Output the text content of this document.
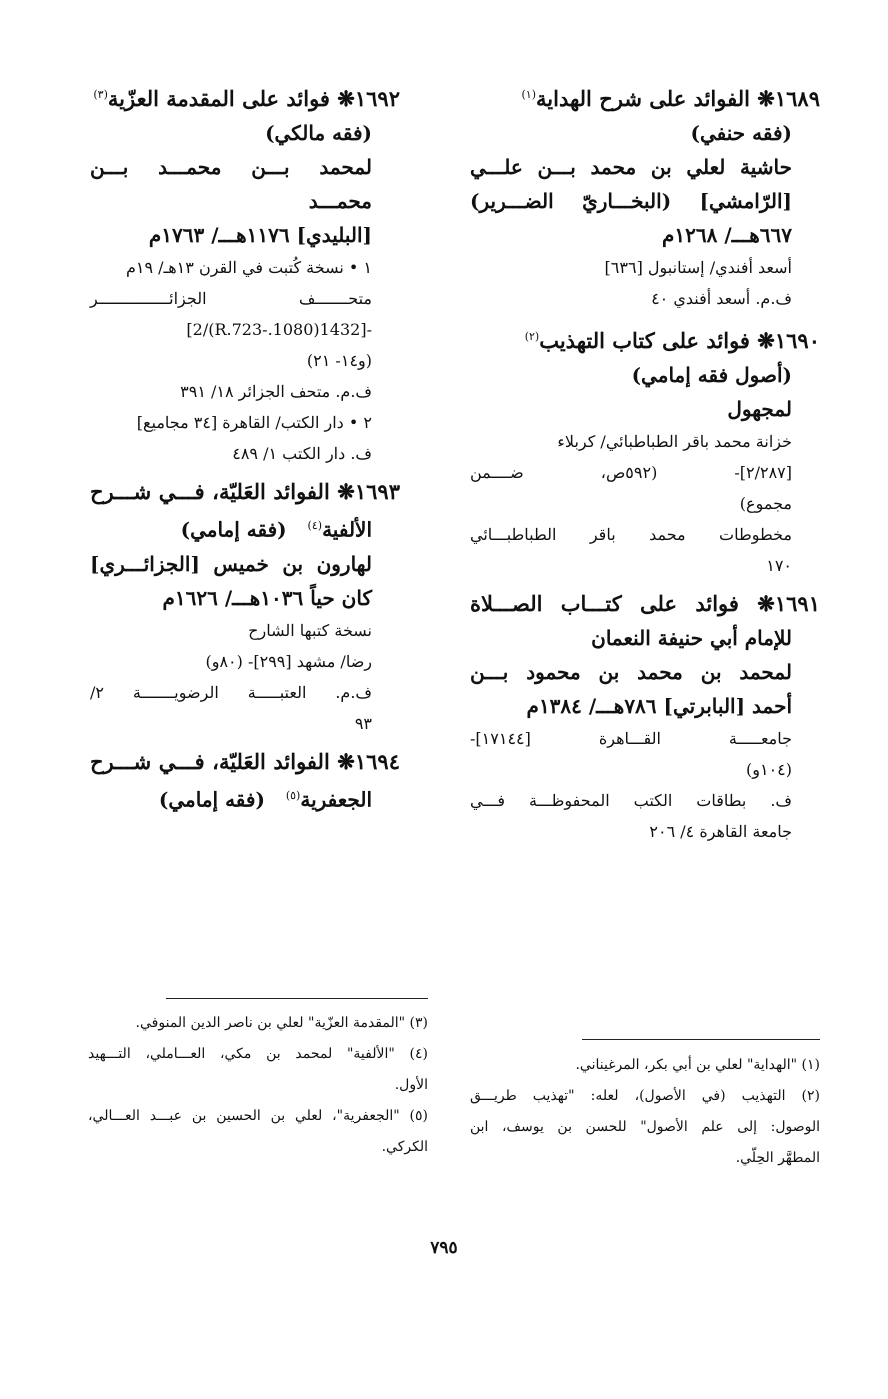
١٦٨٩❋ الفوائد على شرح الهداية$^{(١)}$

(فقه حنفي)

حاشية لعلي بن محمد بـــن علـــي

[الرّامشي] (البخـــاريّ الضـــرير)

٦٦٧هـــ/ ١٢٦٨م

أسعد أفندي/ إستانبول [٦٣٦]

ف.م. أسعد أفندي ٤٠

١٦٩٠❋ فوائد على كتاب التهذيب$^{(٢)}$

(أصول فقه إمامي)

لمجهول

خزانة محمد باقر الطباطبائي/ كربلاء

[٢/٢٨٧]- (٥٩٢ص، ضــــمن

مجموع)

مخطوطات محمد باقر الطباطبـــائي

١٧٠

١٦٩١❋ فوائد على كتـــاب الصـــلاة

للإمام أبي حنيفة النعمان

لمحمد بن محمد بن محمود بـــن

أحمد [البابرتي] ٧٨٦هـــ/ ١٣٨٤م

جامعـــــة القـــاهرة [١٧١٤٤]-

(١٠٤و)

ف. بطاقات الكتب المحفوظـــة فـــي

جامعة القاهرة ٤/ ٢٠٦

١٦٩٢❋ فوائد على المقدمة العزّية$^{(٣)}$

(فقه مالكي)

لمحمد بـــن محمـــد بـــن محمـــد

[البليدي] ١١٧٦هـــ/ ١٧٦٣م

١ • نسخة كُتبت في القرن ١٣هـ/ ١٩م

متحـــــــف الجزائـــــــــــــــر

-[1432(1080.-R.723)/2]

(و١٤- ٢١)

ف.م. متحف الجزائر ١٨/ ٣٩١

٢ • دار الكتب/ القاهرة [٣٤ مجاميع]

ف. دار الكتب ١/ ٤٨٩

١٦٩٣❋ الفوائد العَليّة، فـــي شـــرح

الألفية$^{(٤)}$   (فقه إمامي)

لهارون بن خميس [الجزائـــري]

كان حياً ١٠٣٦هـــ/ ١٦٢٦م

نسخة كتبها الشارح

رضا/ مشهد [٢٩٩]- (٨٠و)

ف.م. العتبـــــة الرضويـــــــة ٢/

٩٣

١٦٩٤❋ الفوائد العَليّة، فـــي شـــرح

الجعفرية$^{(٥)}$   (فقه إمامي)

(١) "الهداية" لعلي بن أبي بكر، المرغيناني.

(٢) التهذيب (في الأصول)، لعله: "تهذيب طريـــق

الوصول: إلى علم الأصول" للحسن بن يوسف، ابن

المطهَّر الحِلّي.

(٣) "المقدمة العزّية" لعلي بن ناصر الدين المنوفي.

(٤) "الألفية" لمحمد بن مكي، العـــاملي، التـــهيد

الأول.

(٥) "الجعفرية"، لعلي بن الحسين بن عبـــد العـــالي،

الكركي.

٧٩٥
